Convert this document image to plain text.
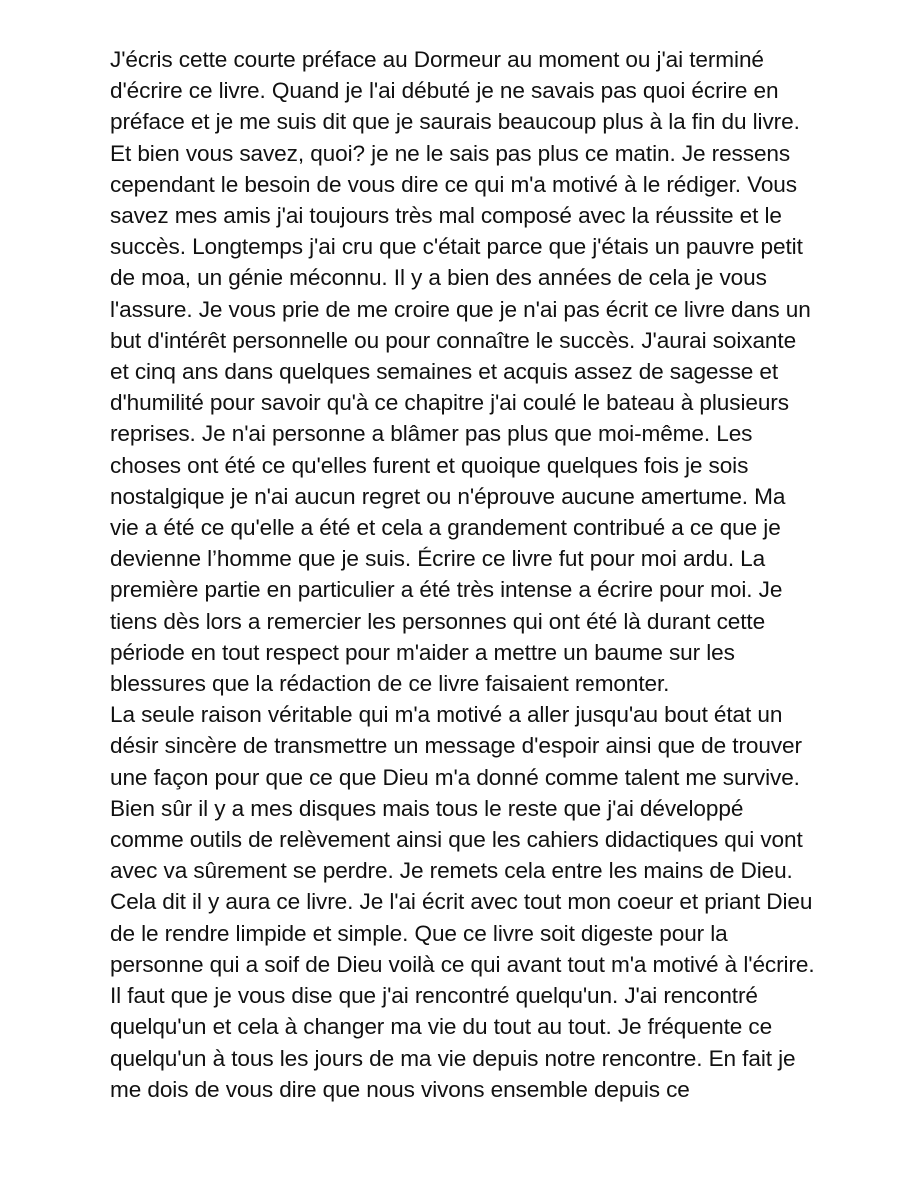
J'écris cette courte préface au Dormeur au moment ou j'ai terminé d'écrire ce livre. Quand je l'ai débuté je ne savais pas quoi écrire en préface et je me suis dit que je saurais beaucoup plus à la fin du livre. Et bien vous savez, quoi? je ne le sais pas plus ce matin. Je ressens cependant le besoin de vous dire ce qui m'a motivé à le rédiger. Vous savez mes amis j'ai toujours très mal composé avec la réussite et le succès. Longtemps j'ai cru que c'était parce que j'étais un pauvre petit de moa, un génie méconnu. Il y a bien des années de cela je vous l'assure. Je vous prie de me croire que je n'ai pas écrit ce livre dans un but d'intérêt personnelle ou pour connaître le succès. J'aurai soixante et cinq ans dans quelques semaines et acquis assez de sagesse et d'humilité pour savoir qu'à ce chapitre j'ai coulé le bateau à plusieurs reprises. Je n'ai personne a blâmer pas plus que moi-même. Les choses ont été ce qu'elles furent et quoique quelques fois je sois nostalgique je n'ai aucun regret ou n'éprouve aucune amertume. Ma vie a été ce qu'elle a été et cela a grandement contribué a ce que je devienne l’homme que je suis. Écrire ce livre fut pour moi ardu. La première partie en particulier a été très intense a écrire pour moi. Je tiens dès lors a remercier les personnes qui ont été là durant cette période en tout respect pour m'aider a mettre un baume sur les blessures que la rédaction de ce livre faisaient remonter.

La seule raison véritable qui m'a motivé a aller jusqu'au bout état un désir sincère de transmettre un message d'espoir ainsi que de trouver une façon pour que ce que Dieu m'a donné comme talent me survive. Bien sûr il y a mes disques mais tous le reste que j'ai développé comme outils de relèvement ainsi que les cahiers didactiques qui vont avec va sûrement se perdre. Je remets cela entre les mains de Dieu. Cela dit il y aura ce livre. Je l'ai écrit avec tout mon coeur et priant Dieu de le rendre limpide et simple. Que ce livre soit digeste pour la personne qui a soif de Dieu voilà ce qui avant tout m'a motivé à l'écrire.

Il faut que je vous dise que j'ai rencontré quelqu'un. J'ai rencontré quelqu'un et cela à changer ma vie du tout au tout. Je fréquente ce quelqu'un à tous les jours de ma vie depuis notre rencontre. En fait je me dois de vous dire que nous vivons ensemble depuis ce
